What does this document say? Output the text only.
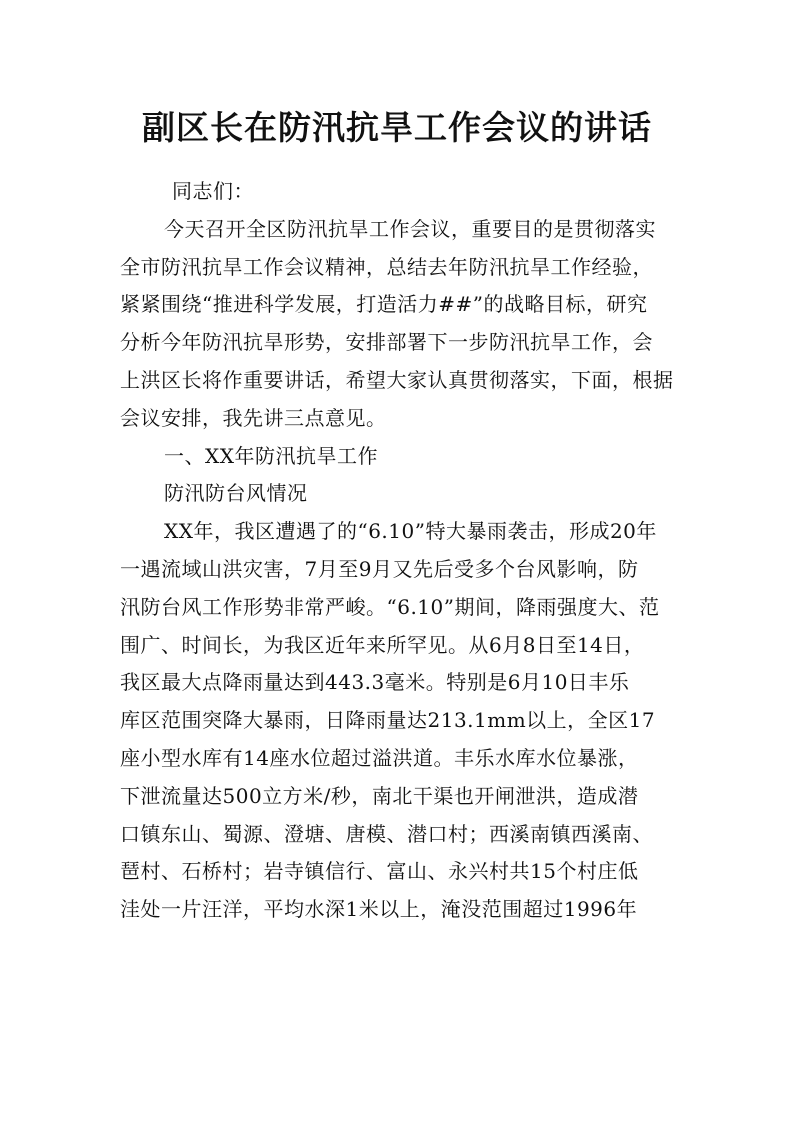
副区长在防汛抗旱工作会议的讲话
同志们：
今天召开全区防汛抗旱工作会议，重要目的是贯彻落实
全市防汛抗旱工作会议精神，总结去年防汛抗旱工作经验，
紧紧围绕“推进科学发展，打造活力##”的战略目标，研究
分析今年防汛抗旱形势，安排部署下一步防汛抗旱工作，会
上洪区长将作重要讲话，希望大家认真贯彻落实，下面，根据
会议安排，我先讲三点意见。
一、XX年防汛抗旱工作
防汛防台风情况
XX年，我区遭遇了的“6.10”特大暴雨袭击，形成20年
一遇流域山洪灾害，7月至9月又先后受多个台风影响，防
汛防台风工作形势非常严峻。“6.10”期间，降雨强度大、范
围广、时间长，为我区近年来所罕见。从6月8日至14日，
我区最大点降雨量达到443.3毫米。特别是6月10日丰乐
库区范围突降大暴雨，日降雨量达213.1mm以上，全区17
座小型水库有14座水位超过溢洪道。丰乐水库水位暴涨，
下泄流量达500立方米/秒，南北干渠也开闸泄洪，造成潜
口镇东山、蜀源、澄塘、唐模、潜口村；西溪南镇西溪南、
琶村、石桥村；岩寺镇信行、富山、永兴村共15个村庄低
洼处一片汪洋，平均水深1米以上，淹没范围超过1996年
